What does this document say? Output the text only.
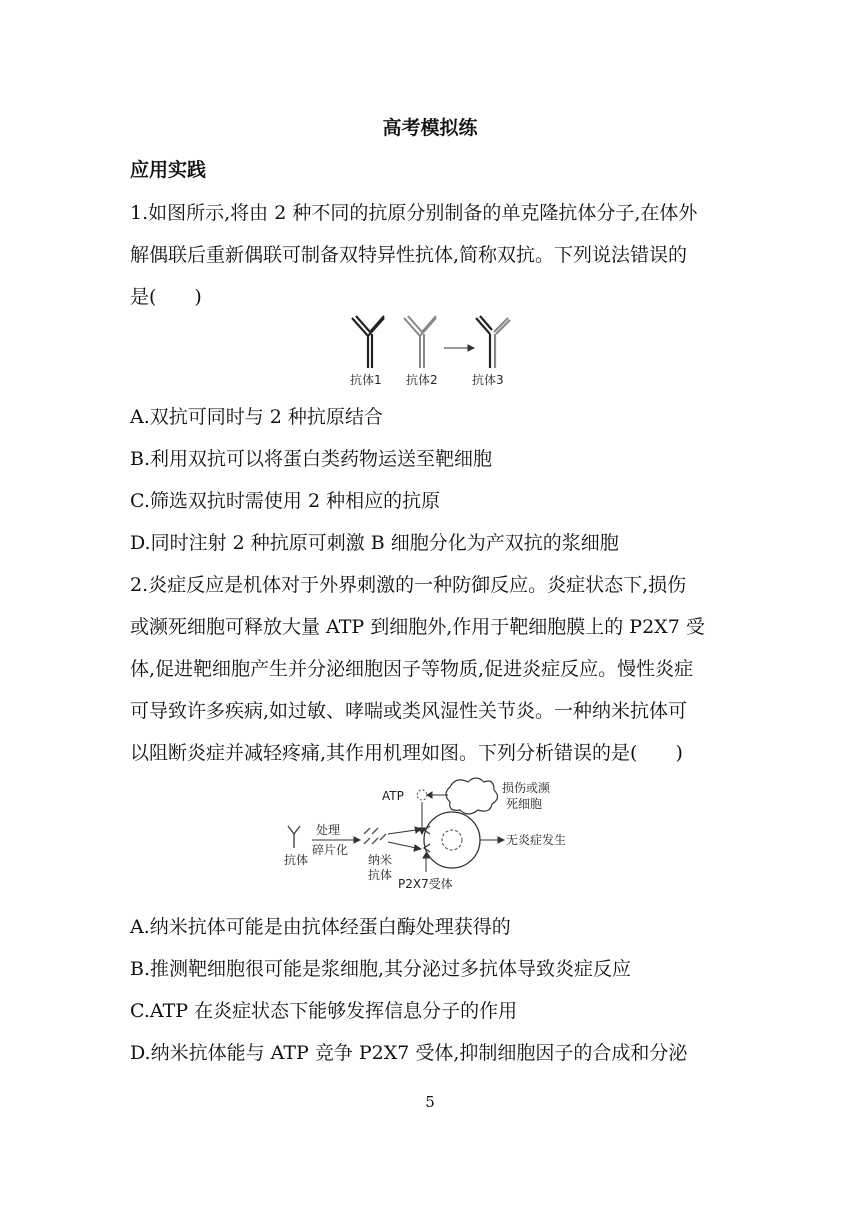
高考模拟练
应用实践
1.如图所示,将由 2 种不同的抗原分别制备的单克隆抗体分子,在体外
解偶联后重新偶联可制备双特异性抗体,简称双抗。下列说法错误的
是(　　)
抗体1 抗体2	抗体3
A.双抗可同时与 2 种抗原结合
B.利用双抗可以将蛋白类药物运送至靶细胞
C.筛选双抗时需使用 2 种相应的抗原
D.同时注射 2 种抗原可刺激 B 细胞分化为产双抗的浆细胞
2.炎症反应是机体对于外界刺激的一种防御反应。炎症状态下,损伤
或濒死细胞可释放大量 ATP 到细胞外,作用于靶细胞膜上的 P2X7 受
体,促进靶细胞产生并分泌细胞因子等物质,促进炎症反应。慢性炎症
可导致许多疾病,如过敏、哮喘或类风湿性关节炎。一种纳米抗体可
以阻断炎症并减轻疼痛,其作用机理如图。下列分析错误的是(　　)
ATP
损伤或濒
死细胞
抗体
处理
碎片化
纳米
抗体
P2X7受体
无炎症发生
A.纳米抗体可能是由抗体经蛋白酶处理获得的
B.推测靶细胞很可能是浆细胞,其分泌过多抗体导致炎症反应
C.ATP 在炎症状态下能够发挥信息分子的作用
D.纳米抗体能与 ATP 竞争 P2X7 受体,抑制细胞因子的合成和分泌
5
